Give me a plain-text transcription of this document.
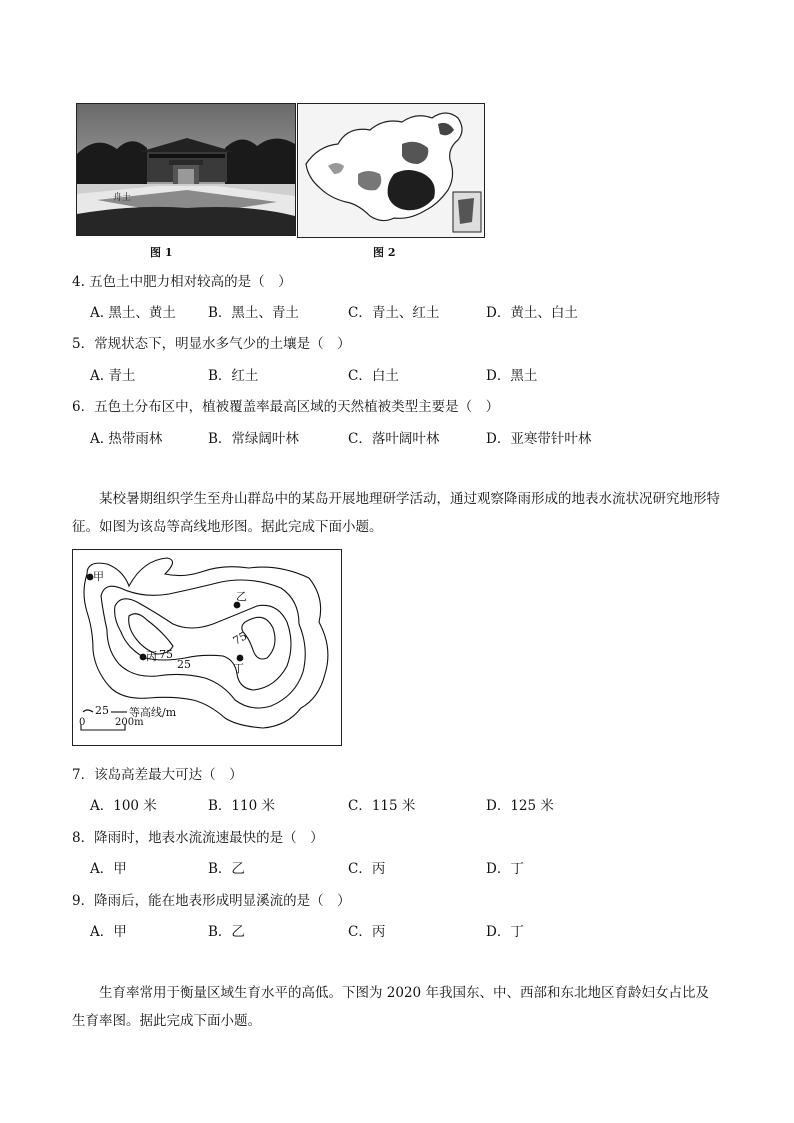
舟土
图 1	图 2
4. 五色土中肥力相对较高的是（　）
A. 黑土、黄土 B．黑土、青土	C．青土、红土	D．黄土、白土
5．常规状态下，明显水多气少的土壤是（　）
A. 青土	B．红土	C．白土	D．黑土
6．五色土分布区中，植被覆盖率最高区域的天然植被类型主要是（　）
A. 热带雨林	B．常绿阔叶林	C．落叶阔叶林	D．亚寒带针叶林
某校暑期组织学生至舟山群岛中的某岛开展地理研学活动，通过观察降雨形成的地表水流状况研究地形特征。如图为该岛等高线地形图。据此完成下面小题。
甲
乙
丙
丁
75
75
25
25 等高线/m
0	200m
7．该岛高差最大可达（　）
A．100 米	B．110 米	C．115 米	D．125 米
8．降雨时，地表水流流速最快的是（　）
A．甲	B．乙	C．丙	D．丁
9．降雨后，能在地表形成明显溪流的是（　）
A．甲	B．乙	C．丙	D．丁
生育率常用于衡量区域生育水平的高低。下图为 2020 年我国东、中、西部和东北地区育龄妇女占比及生育率图。据此完成下面小题。
